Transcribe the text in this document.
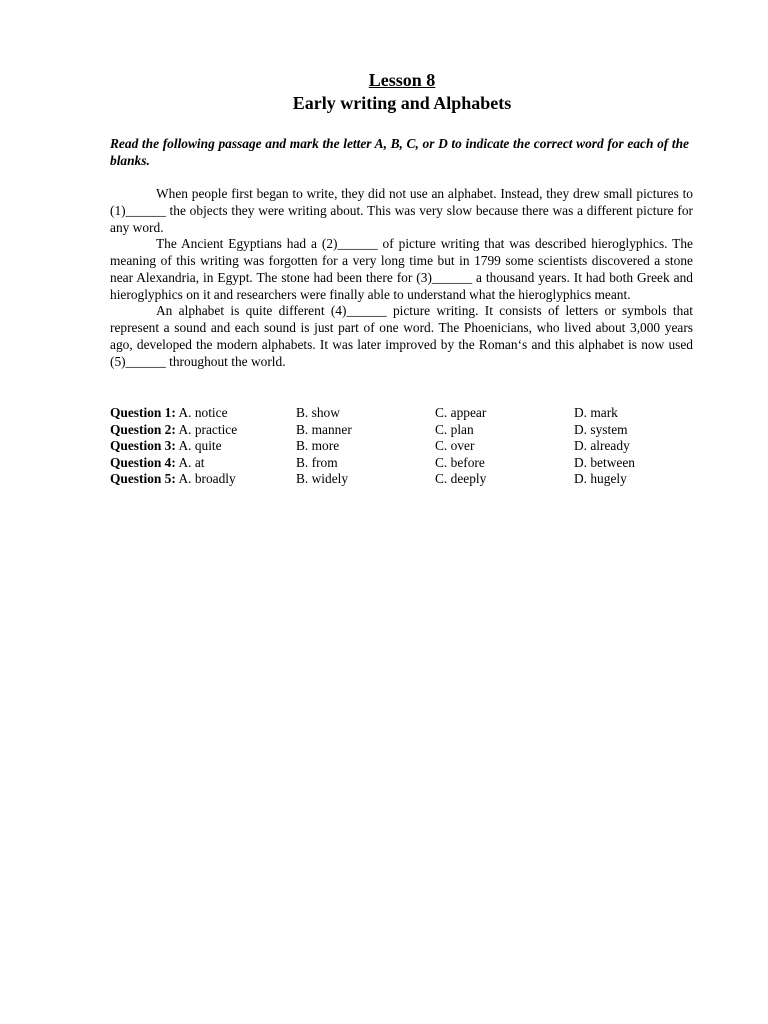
Lesson 8
Early writing and Alphabets
Read the following passage and mark the letter A, B, C, or D to indicate the correct word for each of the blanks.

When people first began to write, they did not use an alphabet. Instead, they drew small pictures to (1)______ the objects they were writing about. This was very slow because there was a different picture for any word.

The Ancient Egyptians had a (2)______ of picture writing that was described hieroglyphics. The meaning of this writing was forgotten for a very long time but in 1799 some scientists discovered a stone near Alexandria, in Egypt. The stone had been there for (3)______ a thousand years. It had both Greek and hieroglyphics on it and researchers were finally able to understand what the hieroglyphics meant.

An alphabet is quite different (4)______ picture writing. It consists of letters or symbols that represent a sound and each sound is just part of one word. The Phoenicians, who lived about 3,000 years ago, developed the modern alphabets. It was later improved by the Roman‘s and this alphabet is now used (5)______ throughout the world.

Question 1: A. notice	B. show	C. appear	D. mark
Question 2: A. practice	B. manner	C. plan	D. system
Question 3: A. quite	B. more	C. over	D. already
Question 4: A. at	B. from	C. before	D. between
Question 5: A. broadly	B. widely	C. deeply	D. hugely
